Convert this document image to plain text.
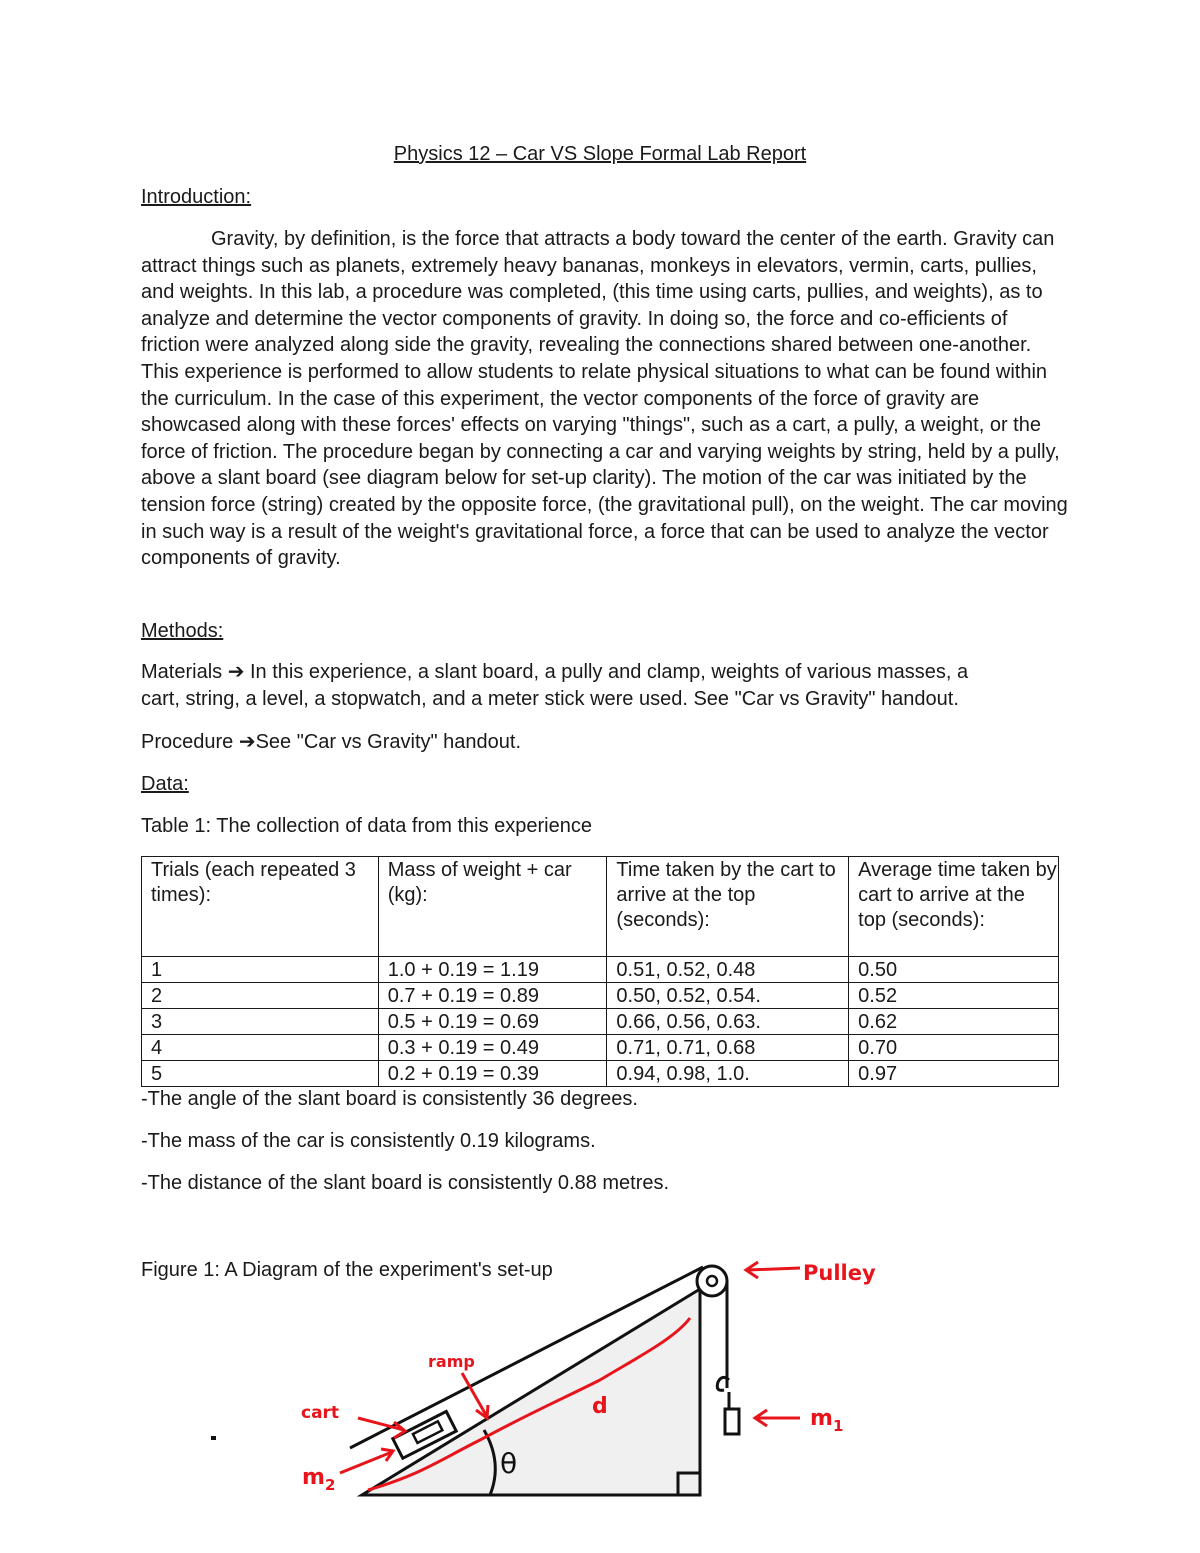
Physics 12 – Car VS Slope Formal Lab Report
Introduction:
Gravity, by definition, is the force that attracts a body toward the center of the earth. Gravity can attract things such as planets, extremely heavy bananas, monkeys in elevators, vermin, carts, pullies, and weights. In this lab, a procedure was completed, (this time using carts, pullies, and weights), as to analyze and determine the vector components of gravity. In doing so, the force and co-efficients of friction were analyzed along side the gravity, revealing the connections shared between one-another. This experience is performed to allow students to relate physical situations to what can be found within the curriculum. In the case of this experiment, the vector components of the force of gravity are showcased along with these forces' effects on varying "things", such as a cart, a pully, a weight, or the force of friction. The procedure began by connecting a car and varying weights by string, held by a pully, above a slant board (see diagram below for set-up clarity). The motion of the car was initiated by the tension force (string) created by the opposite force, (the gravitational pull), on the weight. The car moving in such way is a result of the weight's gravitational force, a force that can be used to analyze the vector components of gravity.
Methods:
Materials ➔ In this experience, a slant board, a pully and clamp, weights of various masses, a
cart, string, a level, a stopwatch, and a meter stick were used. See "Car vs Gravity" handout.
Procedure ➔See "Car vs Gravity" handout.
Data:
Table 1: The collection of data from this experience
Trials (each repeated 3 times):	Mass of weight + car (kg):	Time taken by the cart to arrive at the top (seconds):	Average time taken by cart to arrive at the top (seconds):
1	1.0 + 0.19 = 1.19	0.51, 0.52, 0.48	0.50
2	0.7 + 0.19 = 0.89	0.50, 0.52, 0.54.	0.52
3	0.5 + 0.19 = 0.69	0.66, 0.56, 0.63.	0.62
4	0.3 + 0.19 = 0.49	0.71, 0.71, 0.68	0.70
5	0.2 + 0.19 = 0.39	0.94, 0.98, 1.0.	0.97
-The angle of the slant board is consistently 36 degrees.
-The mass of the car is consistently 0.19 kilograms.
-The distance of the slant board is consistently 0.88 metres.
Figure 1: A Diagram of the experiment's set-up
θ
d
Pulley
ramp
cart
$m_2$
$m_1$
